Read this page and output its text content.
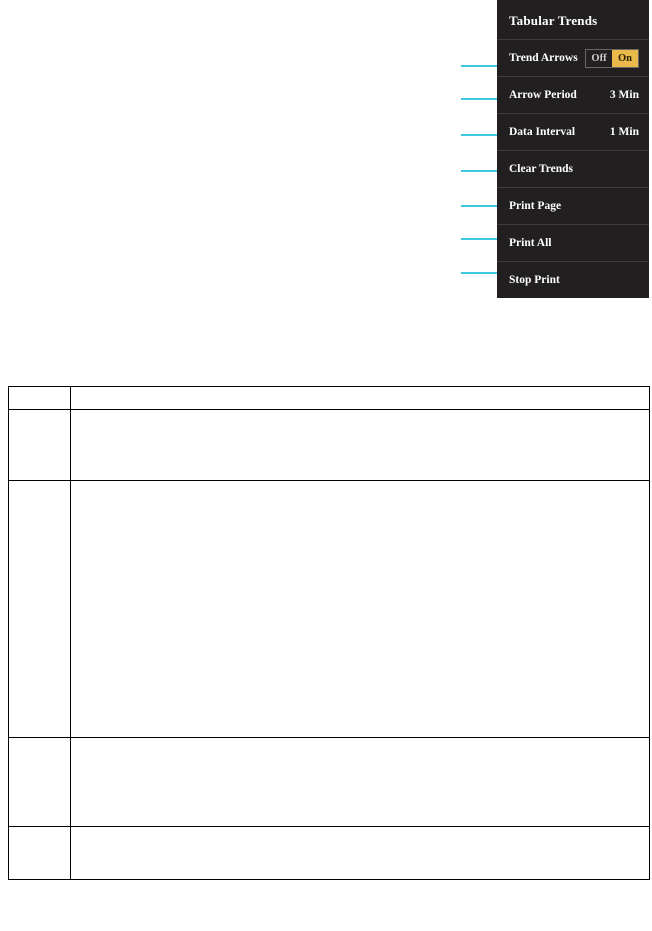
Tabular Trends
Trend Arrows	Off	On
Arrow Period	3 Min
Data Interval	1 Min
Clear Trends
Print Page
Print All
Stop Print
